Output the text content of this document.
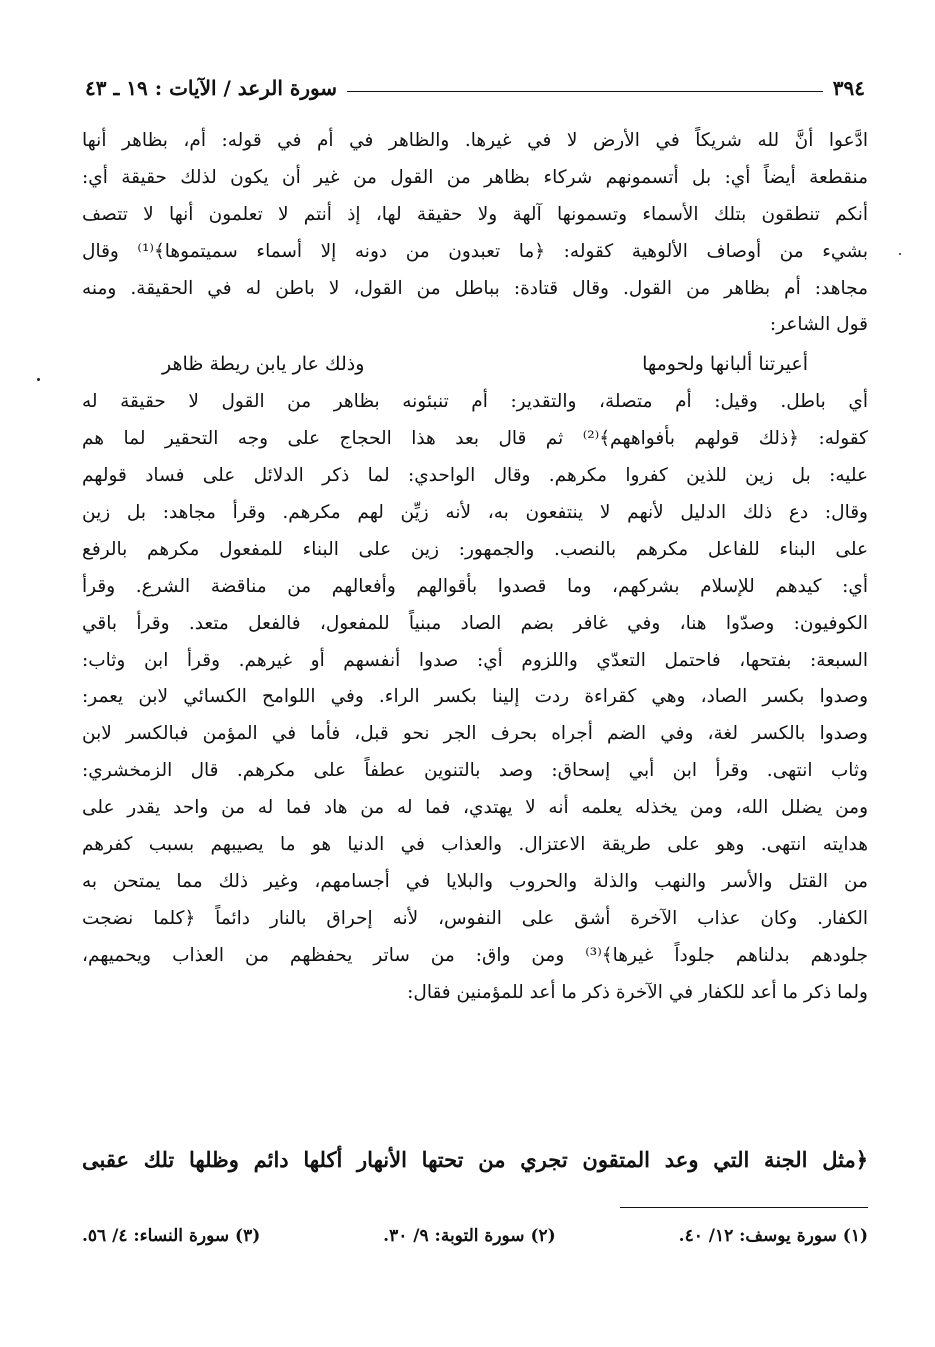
٣٩٤
سورة الرعد / الآيات : ١٩ ـ ٤٣
ادَّعوا أنَّ لله شريكاً في الأرض لا في غيرها. والظاهر في أم في قوله: أم، بظاهر أنها
منقطعة أيضاً أي: بل أتسمونهم شركاء بظاهر من القول من غير أن يكون لذلك حقيقة أي:
أنكم تنطقون بتلك الأسماء وتسمونها آلهة ولا حقيقة لها، إذ أنتم لا تعلمون أنها لا تتصف
بشيء من أوصاف الألوهية كقوله: ﴿ما تعبدون من دونه إلا أسماء سميتموها﴾⁽¹⁾ وقال
مجاهد: أم بظاهر من القول. وقال قتادة: بباطل من القول، لا باطن له في الحقيقة. ومنه
قول الشاعر:
أعيرتنا ألبانها ولحومها
وذلك عار يابن ريطة ظاهر
أي باطل. وقيل: أم متصلة، والتقدير: أم تنبئونه بظاهر من القول لا حقيقة له
كقوله: ﴿ذلك قولهم بأفواههم﴾⁽²⁾ ثم قال بعد هذا الحجاج على وجه التحقير لما هم
عليه: بل زين للذين كفروا مكرهم. وقال الواحدي: لما ذكر الدلائل على فساد قولهم
وقال: دع ذلك الدليل لأنهم لا ينتفعون به، لأنه زيِّن لهم مكرهم. وقرأ مجاهد: بل زين
على البناء للفاعل مكرهم بالنصب. والجمهور: زين على البناء للمفعول مكرهم بالرفع
أي: كيدهم للإسلام بشركهم، وما قصدوا بأقوالهم وأفعالهم من مناقضة الشرع. وقرأ
الكوفيون: وصدّوا هنا، وفي غافر بضم الصاد مبنياً للمفعول، فالفعل متعد. وقرأ باقي
السبعة: بفتحها، فاحتمل التعدّي واللزوم أي: صدوا أنفسهم أو غيرهم. وقرأ ابن وثاب:
وصدوا بكسر الصاد، وهي كقراءة ردت إلينا بكسر الراء. وفي اللوامح الكسائي لابن يعمر:
وصدوا بالكسر لغة، وفي الضم أجراه بحرف الجر نحو قبل، فأما في المؤمن فبالكسر لابن
وثاب انتهى. وقرأ ابن أبي إسحاق: وصد بالتنوين عطفاً على مكرهم. قال الزمخشري:
ومن يضلل الله، ومن يخذله يعلمه أنه لا يهتدي، فما له من هاد فما له من واحد يقدر على
هدايته انتهى. وهو على طريقة الاعتزال. والعذاب في الدنيا هو ما يصيبهم بسبب كفرهم
من القتل والأسر والنهب والذلة والحروب والبلايا في أجسامهم، وغير ذلك مما يمتحن به
الكفار. وكان عذاب الآخرة أشق على النفوس، لأنه إحراق بالنار دائماً ﴿كلما نضجت
جلودهم بدلناهم جلوداً غيرها﴾⁽³⁾ ومن واق: من ساتر يحفظهم من العذاب ويحميهم،
ولما ذكر ما أعد للكفار في الآخرة ذكر ما أعد للمؤمنين فقال:
﴿مثل الجنة التي وعد المتقون تجري من تحتها الأنهار أكلها دائم وظلها تلك عقبى
(١) سورة يوسف: ١٢/ ٤٠.
(٢) سورة التوبة: ٩/ ٣٠.
(٣) سورة النساء: ٤/ ٥٦.
